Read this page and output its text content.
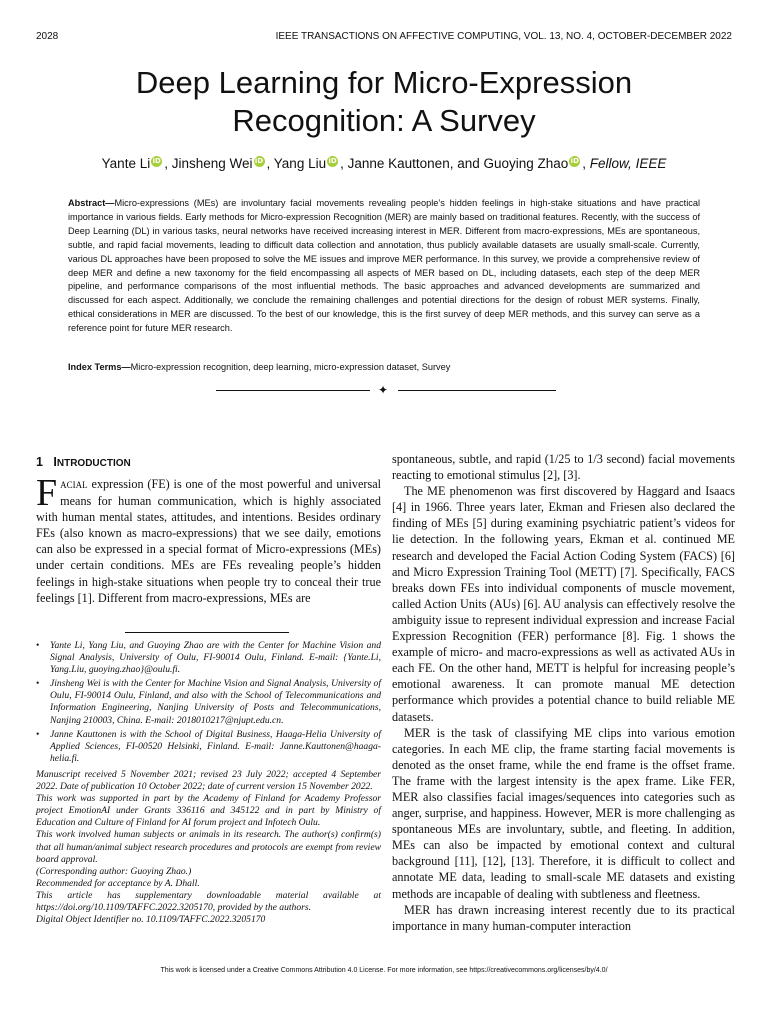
2028	IEEE TRANSACTIONS ON AFFECTIVE COMPUTING, VOL. 13, NO. 4, OCTOBER-DECEMBER 2022
Deep Learning for Micro-Expression
Recognition: A Survey
Yante Li iD , Jinsheng Wei iD , Yang Liu iD , Janne Kauttonen, and Guoying Zhao iD , Fellow, IEEE

Abstract—Micro-expressions (MEs) are involuntary facial movements revealing people’s hidden feelings in high-stake situations and have practical importance in various fields. Early methods for Micro-expression Recognition (MER) are mainly based on traditional features. Recently, with the success of Deep Learning (DL) in various tasks, neural networks have received increasing interest in MER. Different from macro-expressions, MEs are spontaneous, subtle, and rapid facial movements, leading to difficult data collection and annotation, thus publicly available datasets are usually small-scale. Currently, various DL approaches have been proposed to solve the ME issues and improve MER performance. In this survey, we provide a comprehensive review of deep MER and define a new taxonomy for the field encompassing all aspects of MER based on DL, including datasets, each step of the deep MER pipeline, and performance comparisons of the most influential methods. The basic approaches and advanced developments are summarized and discussed for each aspect. Additionally, we conclude the remaining challenges and potential directions for the design of robust MER systems. Finally, ethical considerations in MER are discussed. To the best of our knowledge, this is the first survey of deep MER methods, and this survey can serve as a reference point for future MER research.

Index Terms—Micro-expression recognition, deep learning, micro-expression dataset, Survey

✦
1 INTRODUCTION

FACIAL expression (FE) is one of the most powerful and universal means for human communication, which is highly associated with human mental states, attitudes, and intentions. Besides ordinary FEs (also known as macro-expressions) that we see daily, emotions can also be expressed in a special format of Micro-expressions (MEs) under certain conditions. MEs are FEs revealing people’s hidden feelings in high-stake situations when people try to conceal their true feelings [1]. Different from macro-expressions, MEs are

• Yante Li, Yang Liu, and Guoying Zhao are with the Center for Machine Vision and Signal Analysis, University of Oulu, FI-90014 Oulu, Finland. E-mail: {Yante.Li, Yang.Liu, guoying.zhao}@oulu.fi.
• Jinsheng Wei is with the Center for Machine Vision and Signal Analysis, University of Oulu, FI-90014 Oulu, Finland, and also with the School of Telecommunications and Information Engineering, Nanjing University of Posts and Telecommunications, Nanjing 210003, China. E-mail: 2018010217@njupt.edu.cn.
• Janne Kauttonen is with the School of Digital Business, Haaga-Helia University of Applied Sciences, FI-00520 Helsinki, Finland. E-mail: Janne.Kauttonen@haaga-helia.fi.
Manuscript received 5 November 2021; revised 23 July 2022; accepted 4 September 2022. Date of publication 10 October 2022; date of current version 15 November 2022.
This work was supported in part by the Academy of Finland for Academy Professor project EmotionAI under Grants 336116 and 345122 and in part by Ministry of Education and Culture of Finland for AI forum project and Infotech Oulu.
This work involved human subjects or animals in its research. The author(s) confirm(s) that all human/animal subject research procedures and protocols are exempt from review board approval.
(Corresponding author: Guoying Zhao.)
Recommended for acceptance by A. Dhall.
This article has supplementary downloadable material available at https://doi.org/10.1109/TAFFC.2022.3205170, provided by the authors.
Digital Object Identifier no. 10.1109/TAFFC.2022.3205170

spontaneous, subtle, and rapid (1/25 to 1/3 second) facial movements reacting to emotional stimulus [2], [3].

The ME phenomenon was first discovered by Haggard and Isaacs [4] in 1966. Three years later, Ekman and Friesen also declared the finding of MEs [5] during examining psychiatric patient’s videos for lie detection. In the following years, Ekman et al. continued ME research and developed the Facial Action Coding System (FACS) [6] and Micro Expression Training Tool (METT) [7]. Specifically, FACS breaks down FEs into individual components of muscle movement, called Action Units (AUs) [6]. AU analysis can effectively resolve the ambiguity issue to represent individual expression and increase Facial Expression Recognition (FER) performance [8]. Fig. 1 shows the example of micro- and macro-expressions as well as activated AUs in each FE. On the other hand, METT is helpful for increasing people’s emotional awareness. It can promote manual ME detection performance which provides a potential chance to build reliable ME datasets.

MER is the task of classifying ME clips into various emotion categories. In each ME clip, the frame starting facial movements is denoted as the onset frame, while the end frame is the offset frame. The frame with the largest intensity is the apex frame. Like FER, MER also classifies facial images/sequences into categories such as anger, surprise, and happiness. However, MER is more challenging as spontaneous MEs are involuntary, subtle, and fleeting. In addition, MEs can also be impacted by emotional context and cultural background [11], [12], [13]. Therefore, it is difficult to collect and annotate ME data, leading to small-scale ME datasets and existing methods are incapable of dealing with subtleness and fleetness.

MER has drawn increasing interest recently due to its practical importance in many human-computer interaction

This work is licensed under a Creative Commons Attribution 4.0 License. For more information, see https://creativecommons.org/licenses/by/4.0/
